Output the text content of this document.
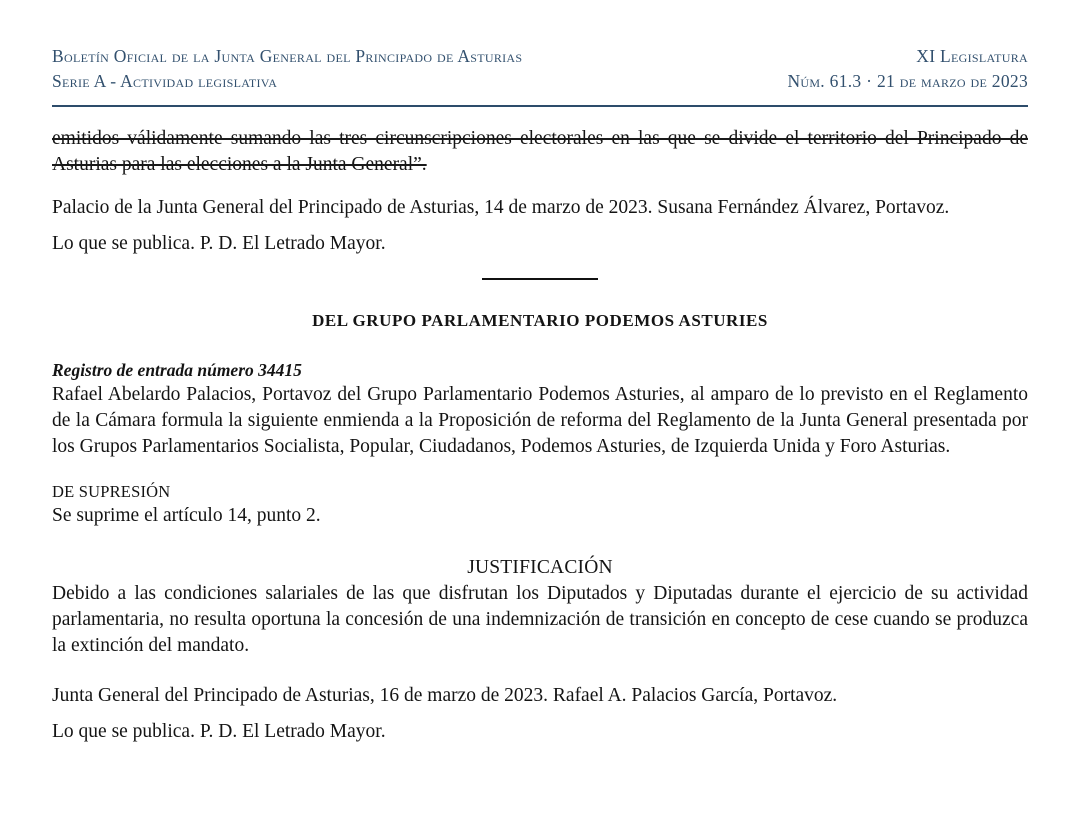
Boletín Oficial de la Junta General del Principado de Asturias
Serie A - Actividad legislativa
XI Legislatura
Núm. 61.3 · 21 de marzo de 2023

emitidos válidamente sumando las tres circunscripciones electorales en las que se divide el territorio del Principado de Asturias para las elecciones a la Junta General”.

Palacio de la Junta General del Principado de Asturias, 14 de marzo de 2023. Susana Fernández Álvarez, Portavoz.

Lo que se publica. P. D. El Letrado Mayor.

DEL GRUPO PARLAMENTARIO PODEMOS ASTURIES
Registro de entrada número 34415

Rafael Abelardo Palacios, Portavoz del Grupo Parlamentario Podemos Asturies, al amparo de lo previsto en el Reglamento de la Cámara formula la siguiente enmienda a la Proposición de reforma del Reglamento de la Junta General presentada por los Grupos Parlamentarios Socialista, Popular, Ciudadanos, Podemos Asturies, de Izquierda Unida y Foro Asturias.

DE SUPRESIÓN

Se suprime el artículo 14, punto 2.

JUSTIFICACIÓN

Debido a las condiciones salariales de las que disfrutan los Diputados y Diputadas durante el ejercicio de su actividad parlamentaria, no resulta oportuna la concesión de una indemnización de transición en concepto de cese cuando se produzca la extinción del mandato.

Junta General del Principado de Asturias, 16 de marzo de 2023. Rafael A. Palacios García, Portavoz.

Lo que se publica. P. D. El Letrado Mayor.
